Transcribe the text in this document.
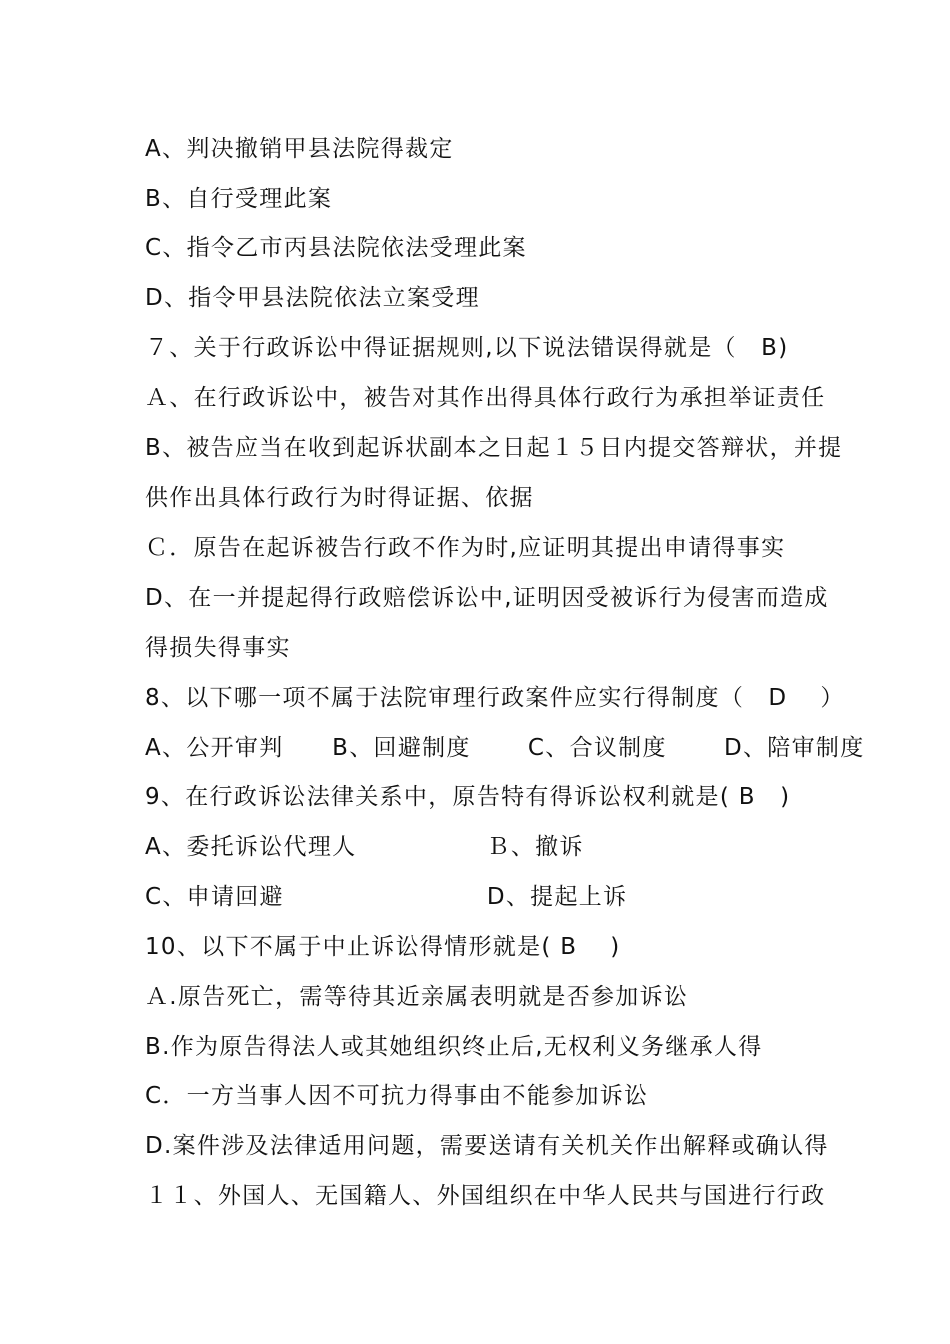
A、判决撤销甲县法院得裁定
B、自行受理此案
C、指令乙市丙县法院依法受理此案
D、指令甲县法院依法立案受理
７、关于行政诉讼中得证据规则,以下说法错误得就是（　B)
Ａ、在行政诉讼中，被告对其作出得具体行政行为承担举证责任
B、被告应当在收到起诉状副本之日起１５日内提交答辩状，并提
供作出具体行政行为时得证据、依据
Ｃ．原告在起诉被告行政不作为时,应证明其提出申请得事实
D、在一并提起得行政赔偿诉讼中,证明因受被诉行为侵害而造成
得损失得事实
8、以下哪一项不属于法院审理行政案件应实行得制度（　D　 ）
A、公开审判　　B、回避制度　　 C、合议制度　　 D、陪审制度
9、在行政诉讼法律关系中，原告特有得诉讼权利就是( B　)
A、委托诉讼代理人　　　　　 Ｂ、撤诉
C、申请回避　　　　　　　　 D、提起上诉
10、以下不属于中止诉讼得情形就是( B　 )
Ａ.原告死亡，需等待其近亲属表明就是否参加诉讼
B.作为原告得法人或其她组织终止后,无权利义务继承人得
C．一方当事人因不可抗力得事由不能参加诉讼
D.案件涉及法律适用问题，需要送请有关机关作出解释或确认得
１１、外国人、无国籍人、外国组织在中华人民共与国进行行政
